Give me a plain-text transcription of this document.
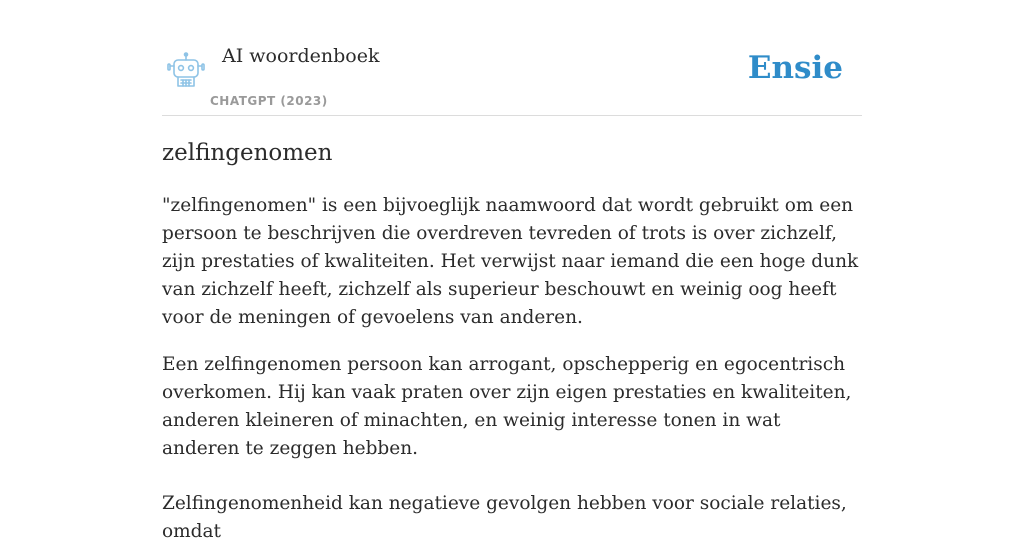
AI woordenboek
CHATGPT (2023)
Ensie
zelfingenomen

"zelfingenomen" is een bijvoeglijk naamwoord dat wordt gebruikt om een persoon te beschrijven die overdreven tevreden of trots is over zichzelf, zijn prestaties of kwaliteiten. Het verwijst naar iemand die een hoge dunk van zichzelf heeft, zichzelf als superieur beschouwt en weinig oog heeft voor de meningen of gevoelens van anderen.

Een zelfingenomen persoon kan arrogant, opschepperig en egocentrisch overkomen. Hij kan vaak praten over zijn eigen prestaties en kwaliteiten, anderen kleineren of minachten, en weinig interesse tonen in wat anderen te zeggen hebben.

Zelfingenomenheid kan negatieve gevolgen hebben voor sociale relaties, omdat
